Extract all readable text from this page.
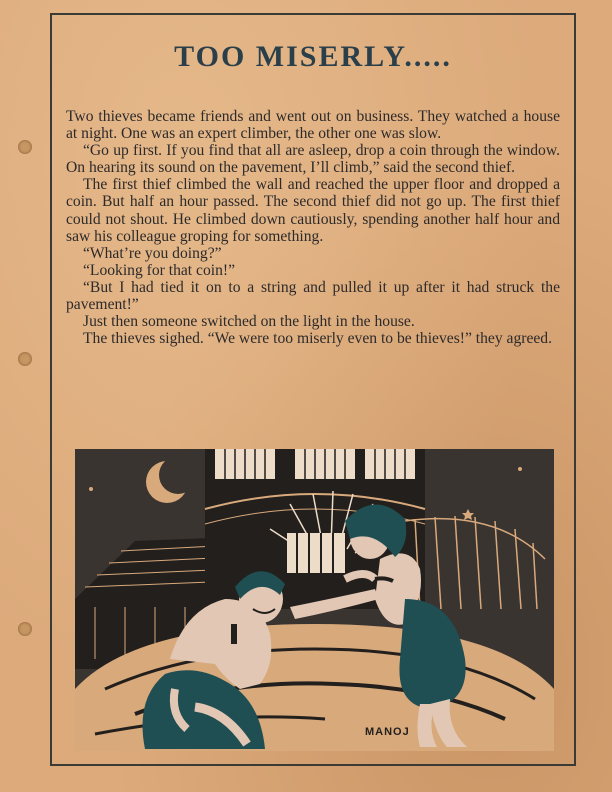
TOO MISERLY.....

Two thieves became friends and went out on business. They watched a house at night. One was an expert climber, the other one was slow.

“Go up first. If you find that all are asleep, drop a coin through the window. On hearing its sound on the pavement, I’ll climb,” said the second thief.

The first thief climbed the wall and reached the upper floor and dropped a coin. But half an hour passed. The second thief did not go up. The first thief could not shout. He climbed down cautiously, spending another half hour and saw his colleague groping for something.

“What’re you doing?”

“Looking for that coin!”

“But I had tied it on to a string and pulled it up after it had struck the pavement!”

Just then someone switched on the light in the house.

The thieves sighed. “We were too miserly even to be thieves!” they agreed.

MANOJ
